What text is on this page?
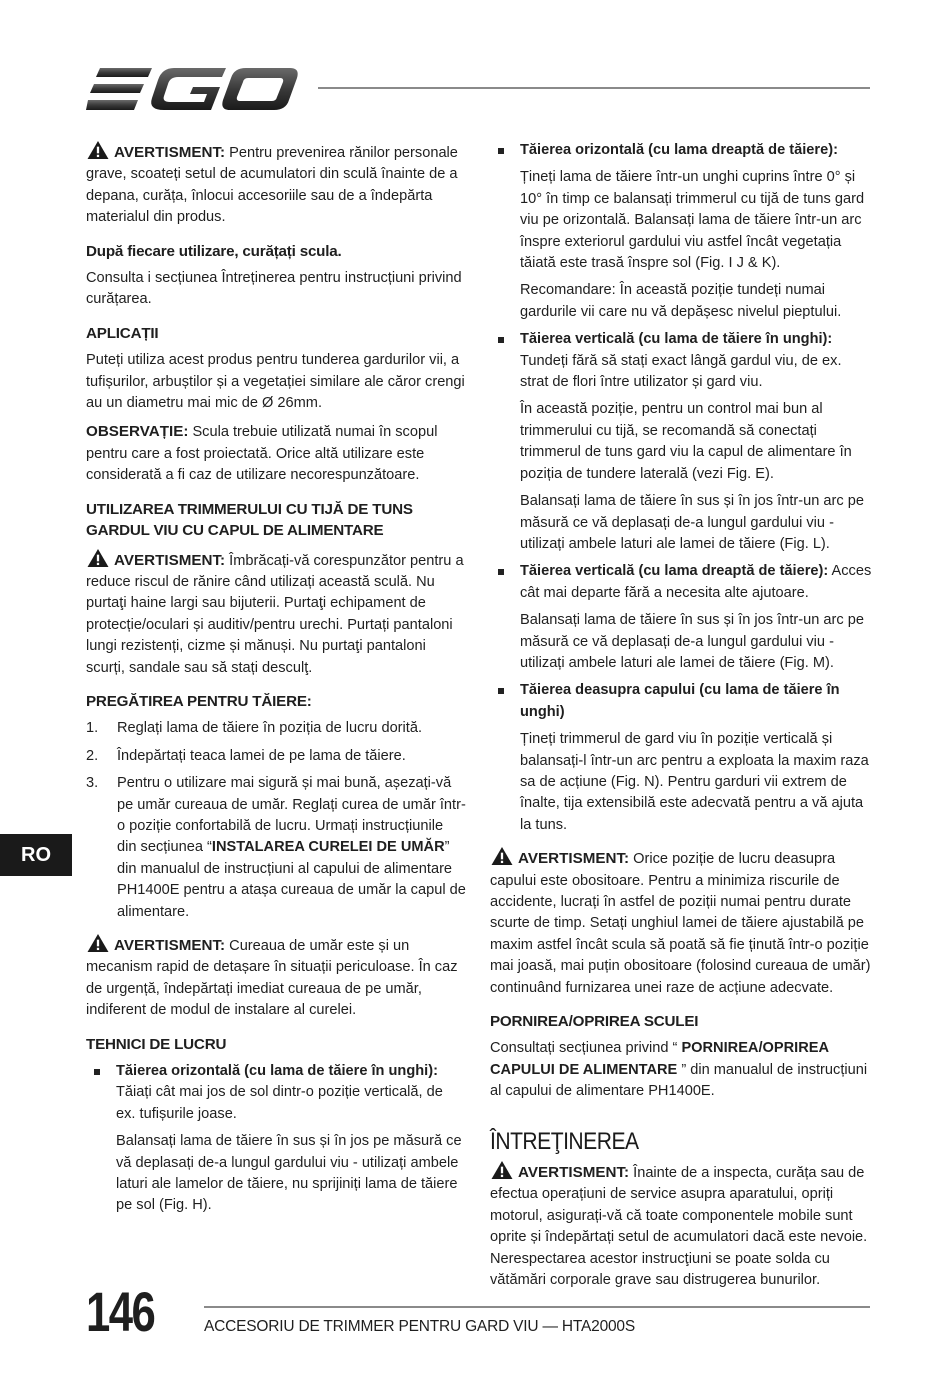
AVERTISMENT: Pentru prevenirea rănilor personale grave, scoateți setul de acumulatori din sculă înainte de a depana, curăța, înlocui accesoriile sau de a îndepărta materialul din produs.

După fiecare utilizare, curățați scula.

Consulta i secțiunea Întreținerea pentru instrucțiuni privind curățarea.

APLICAȚII

Puteți utiliza acest produs pentru tunderea gardurilor vii, a tufișurilor, arbuștilor și a vegetației similare ale căror crengi au un diametru mai mic de Ø 26mm.

OBSERVAȚIE: Scula trebuie utilizată numai în scopul pentru care a fost proiectată. Orice altă utilizare este considerată a fi caz de utilizare necorespunzătoare.

UTILIZAREA TRIMMERULUI CU TIJĂ DE TUNS GARDUL VIU CU CAPUL DE ALIMENTARE

AVERTISMENT: Îmbrăcați-vă corespunzător pentru a reduce riscul de rănire când utilizați această sculă. Nu purtaţi haine largi sau bijuterii. Purtaţi echipament de protecție/oculari și auditiv/pentru urechi. Purtați pantaloni lungi rezistenți, cizme și mănuși. Nu purtaţi pantaloni scurți, sandale sau să stați desculţ.

PREGĂTIREA PENTRU TĂIERE:
1. Reglați lama de tăiere în poziția de lucru dorită.
2. Îndepărtați teaca lamei de pe lama de tăiere.
3. Pentru o utilizare mai sigură și mai bună, așezați-vă pe umăr cureaua de umăr. Reglați curea de umăr într-o poziție confortabilă de lucru. Urmați instrucțiunile din secțiunea “INSTALAREA CURELEI DE UMĂR” din manualul de instrucțiuni al capului de alimentare PH1400E pentru a atașa cureaua de umăr la capul de alimentare.

AVERTISMENT: Cureaua de umăr este și un mecanism rapid de detașare în situații periculoase. În caz de urgență, îndepărtați imediat cureaua de pe umăr, indiferent de modul de instalare al curelei.

TEHNICI DE LUCRU

Tăierea orizontală (cu lama de tăiere în unghi): Tăiați cât mai jos de sol dintr-o poziție verticală, de ex. tufișurile joase.

Balansați lama de tăiere în sus și în jos pe măsură ce vă deplasați de-a lungul gardului viu - utilizați ambele laturi ale lamelor de tăiere, nu sprijiniți lama de tăiere pe sol (Fig. H).

Tăierea orizontală (cu lama dreaptă de tăiere):

Țineți lama de tăiere într-un unghi cuprins între 0° și 10° în timp ce balansați trimmerul cu tijă de tuns gard viu pe orizontală. Balansați lama de tăiere într-un arc înspre exteriorul gardului viu astfel încât vegetația tăiată este trasă înspre sol (Fig. I J & K).

Recomandare: În această poziție tundeți numai gardurile vii care nu vă depășesc nivelul pieptului.

Tăierea verticală (cu lama de tăiere în unghi): Tundeți fără să stați exact lângă gardul viu, de ex. strat de flori între utilizator și gard viu.

În această poziție, pentru un control mai bun al trimmerului cu tijă, se recomandă să conectați trimmerul de tuns gard viu la capul de alimentare în poziția de tundere laterală (vezi Fig. E).

Balansați lama de tăiere în sus și în jos într-un arc pe măsură ce vă deplasați de-a lungul gardului viu - utilizați ambele laturi ale lamei de tăiere (Fig. L).

Tăierea verticală (cu lama dreaptă de tăiere): Acces cât mai departe fără a necesita alte ajutoare.

Balansați lama de tăiere în sus și în jos într-un arc pe măsură ce vă deplasați de-a lungul gardului viu - utilizați ambele laturi ale lamei de tăiere (Fig. M).

Tăierea deasupra capului (cu lama de tăiere în unghi)

Țineți trimmerul de gard viu în poziție verticală și balansați-l într-un arc pentru a exploata la maxim raza sa de acțiune (Fig. N). Pentru garduri vii extrem de înalte, tija extensibilă este adecvată pentru a vă ajuta la tuns.

AVERTISMENT: Orice poziție de lucru deasupra capului este obositoare. Pentru a minimiza riscurile de accidente, lucrați în astfel de poziții numai pentru durate scurte de timp. Setați unghiul lamei de tăiere ajustabilă pe maxim astfel încât scula să poată să fie ținută într-o poziție mai joasă, mai puțin obositoare (folosind cureaua de umăr) continuând furnizarea unei raze de acțiune adecvate.

PORNIREA/OPRIREA SCULEI

Consultați secțiunea privind “ PORNIREA/OPRIREA CAPULUI DE ALIMENTARE ” din manualul de instrucțiuni al capului de alimentare PH1400E.

ÎNTREŢINEREA

AVERTISMENT: Înainte de a inspecta, curăța sau de efectua operațiuni de service asupra aparatului, opriți motorul, asigurați-vă că toate componentele mobile sunt oprite și îndepărtați setul de acumulatori dacă este nevoie. Nerespectarea acestor instrucţiuni se poate solda cu vătămări corporale grave sau distrugerea bunurilor.

RO
146	ACCESORIU DE TRIMMER PENTRU GARD VIU — HTA2000S
